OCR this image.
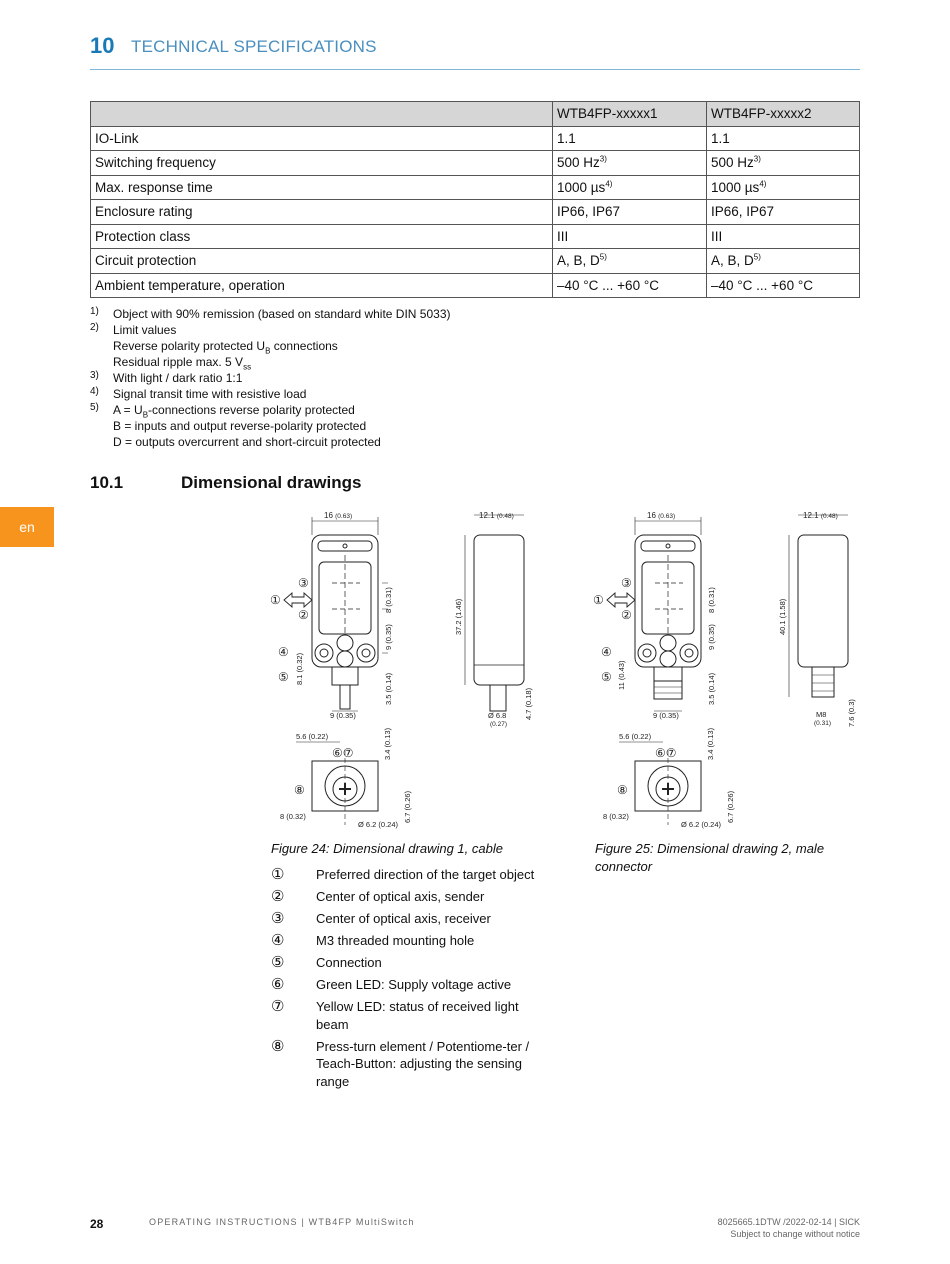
10 TECHNICAL SPECIFICATIONS
	WTB4FP-xxxxx1	WTB4FP-xxxxx2
IO-Link	1.1	1.1
Switching frequency	500 Hz$^{3)}$	500 Hz$^{3)}$
Max. response time	1000 µs$^{4)}$	1000 µs$^{4)}$
Enclosure rating	IP66, IP67	IP66, IP67
Protection class	III	III
Circuit protection	A, B, $D^{5)}$	A, B, $D^{5)}$
Ambient temperature, operation	–40 °C ... +60 °C	–40 °C ... +60 °C
1) Object with 90% remission (based on standard white DIN 5033)
2) Limit values
Reverse polarity protected $U_B$ connections
Residual ripple max. 5 $V_{ss}$
3) With light / dark ratio 1:1
4) Signal transit time with resistive load
5) $A = U_B$-connections reverse polarity protected
B = inputs and output reverse-polarity protected
D = outputs overcurrent and short-circuit protected
10.1	Dimensional drawings
en
16 (0.63)
9 (0.35)
8 (0.31)
9 (0.35)
3.5 (0.14)
8.1 (0.32)
③
①
②
④
⑤
12.1 (0.48)
37.2 (1.46)
Ø 6.8
(0.27)
4.7 (0.18)
16 (0.63)
9 (0.35)
8 (0.31)
9 (0.35)
3.5 (0.14)
11 (0.43)
③
①
②
④
⑤
12.1 (0.48)
40.1 (1.58)
M8
(0.31) 7.6 (0.3)
5.6 (0.22)
⑥⑦	3.4 (0.13)
6.7 (0.26)
8 (0.32)
Ø 6.2 (0.24)
⑧
5.6 (0.22)
⑥⑦	3.4 (0.13)
6.7 (0.26)
8 (0.32)
Ø 6.2 (0.24)
⑧
Figure 24: Dimensional drawing 1, cable	Figure 25: Dimensional drawing 2, male connector
① Preferred direction of the target object
② Center of optical axis, sender
③ Center of optical axis, receiver
④ M3 threaded mounting hole
⑤ Connection
⑥ Green LED: Supply voltage active
⑦ Yellow LED: status of received light beam
⑧ Press-turn element / Potentiome-ter / Teach-Button: adjusting the sensing range
28	OPERATING INSTRUCTIONS | WTB4FP MultiSwitch	8025665.1DTW /2022-02-14 | SICK
Subject to change without notice
